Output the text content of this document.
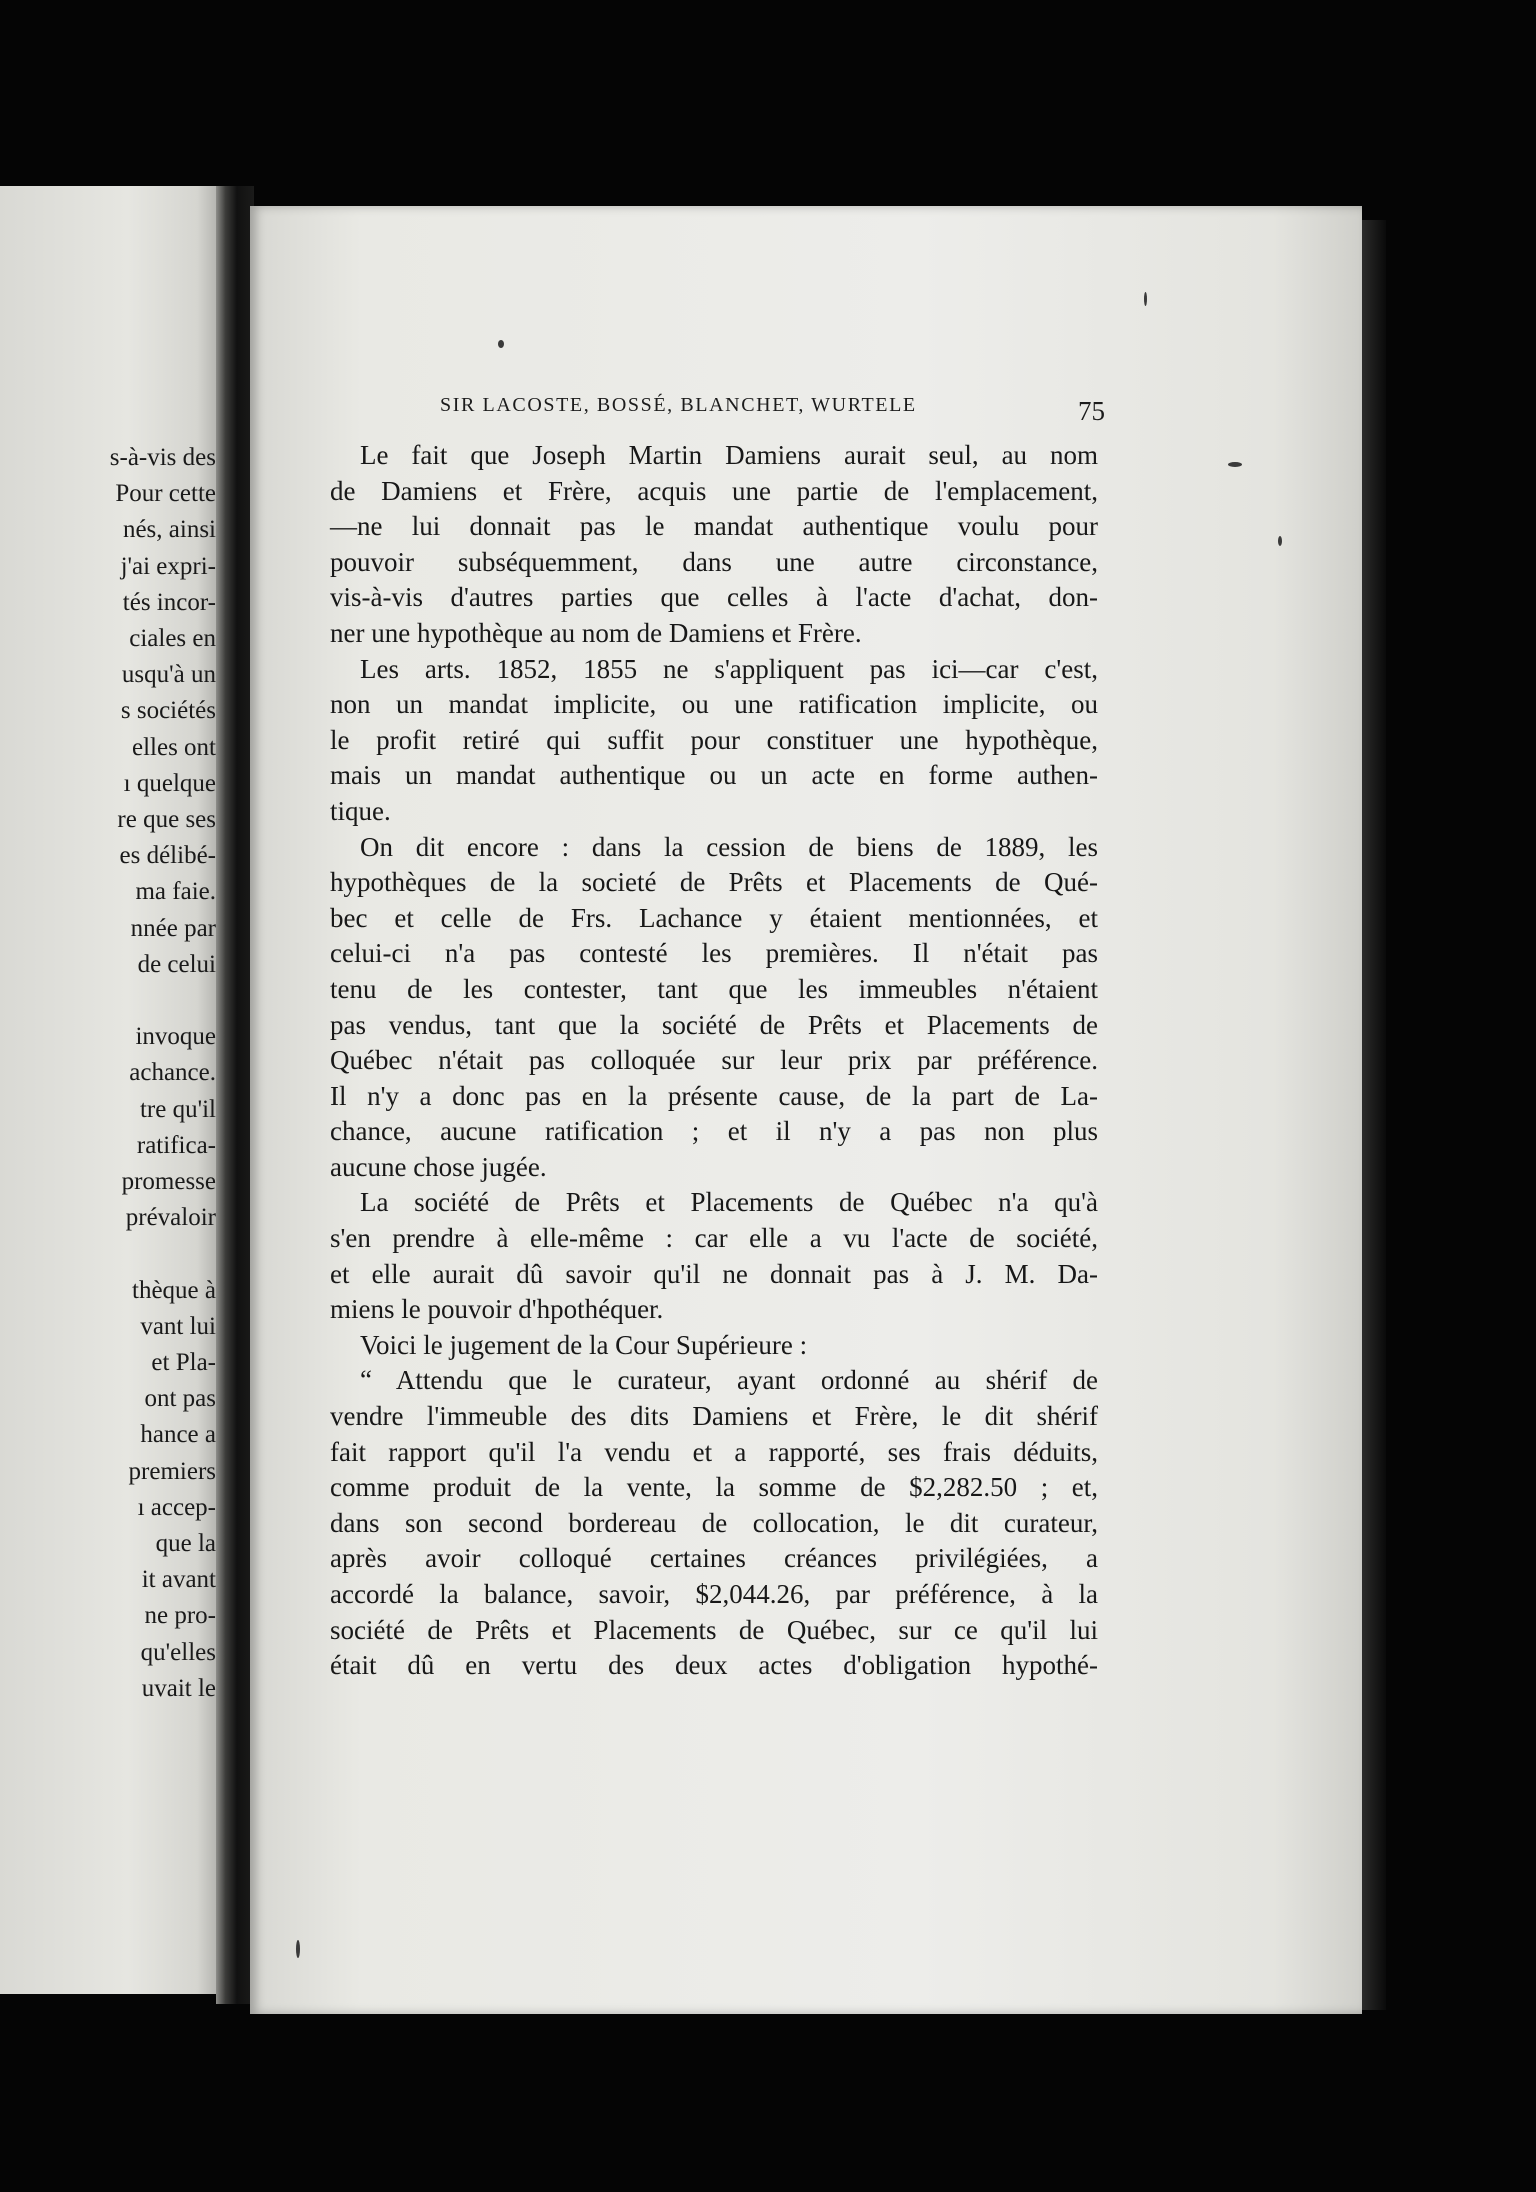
s-à-vis des
Pour cette
nés, ainsi
j'ai expri-
tés incor-
ciales en
usqu'à un
s sociétés
elles ont
ı quelque
re que ses
es délibé-
ma faie.
nnée par
de celui
invoque
achance.
tre qu'il
ratifica-
promesse
prévaloir
thèque à
vant lui
et Pla-
ont pas
hance a
premiers
ı accep-
que la
it avant
ne pro-
qu'elles
uvait le
SIR LACOSTE, BOSSÉ, BLANCHET, WURTELE	75
Le fait que Joseph Martin Damiens aurait seul, au nom
de Damiens et Frère, acquis une partie de l'emplacement,
—ne lui donnait pas le mandat authentique voulu pour
pouvoir subséquemment, dans une autre circonstance,
vis-à-vis d'autres parties que celles à l'acte d'achat, don-
ner une hypothèque au nom de Damiens et Frère.
Les arts. 1852, 1855 ne s'appliquent pas ici—car c'est,
non un mandat implicite, ou une ratification implicite, ou
le profit retiré qui suffit pour constituer une hypothèque,
mais un mandat authentique ou un acte en forme authen-
tique.
On dit encore : dans la cession de biens de 1889, les
hypothèques de la societé de Prêts et Placements de Qué-
bec et celle de Frs. Lachance y étaient mentionnées, et
celui-ci n'a pas contesté les premières. Il n'était pas
tenu de les contester, tant que les immeubles n'étaient
pas vendus, tant que la société de Prêts et Placements de
Québec n'était pas colloquée sur leur prix par préférence.
Il n'y a donc pas en la présente cause, de la part de La-
chance, aucune ratification ; et il n'y a pas non plus
aucune chose jugée.
La société de Prêts et Placements de Québec n'a qu'à
s'en prendre à elle-même : car elle a vu l'acte de société,
et elle aurait dû savoir qu'il ne donnait pas à J. M. Da-
miens le pouvoir d'hpothéquer.
Voici le jugement de la Cour Supérieure :
“ Attendu que le curateur, ayant ordonné au shérif de
vendre l'immeuble des dits Damiens et Frère, le dit shérif
fait rapport qu'il l'a vendu et a rapporté, ses frais déduits,
comme produit de la vente, la somme de $2,282.50 ; et,
dans son second bordereau de collocation, le dit curateur,
après avoir colloqué certaines créances privilégiées, a
accordé la balance, savoir, $2,044.26, par préférence, à la
société de Prêts et Placements de Québec, sur ce qu'il lui
était dû en vertu des deux actes d'obligation hypothé-
